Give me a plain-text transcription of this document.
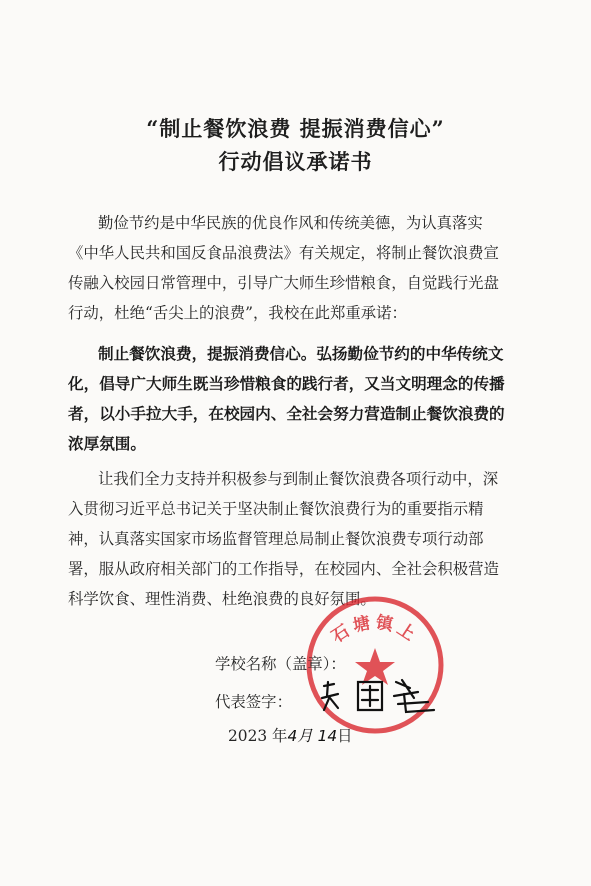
“制止餐饮浪费 提振消费信心”
行动倡议承诺书
勤俭节约是中华民族的优良作风和传统美德，为认真落实
《中华人民共和国反食品浪费法》有关规定，将制止餐饮浪费宣
传融入校园日常管理中，引导广大师生珍惜粮食，自觉践行光盘
行动，杜绝“舌尖上的浪费”，我校在此郑重承诺：
制止餐饮浪费，提振消费信心。弘扬勤俭节约的中华传统文
化，倡导广大师生既当珍惜粮食的践行者，又当文明理念的传播
者，以小手拉大手，在校园内、全社会努力营造制止餐饮浪费的
浓厚氛围。
让我们全力支持并积极参与到制止餐饮浪费各项行动中，深
入贯彻习近平总书记关于坚决制止餐饮浪费行为的重要指示精
神，认真落实国家市场监督管理总局制止餐饮浪费专项行动部
署，服从政府相关部门的工作指导，在校园内、全社会积极营造
科学饮食、理性消费、杜绝浪费的良好氛围。
石塘镇上
学校名称（盖章）：
代表签字：
2023 年4月 14日
